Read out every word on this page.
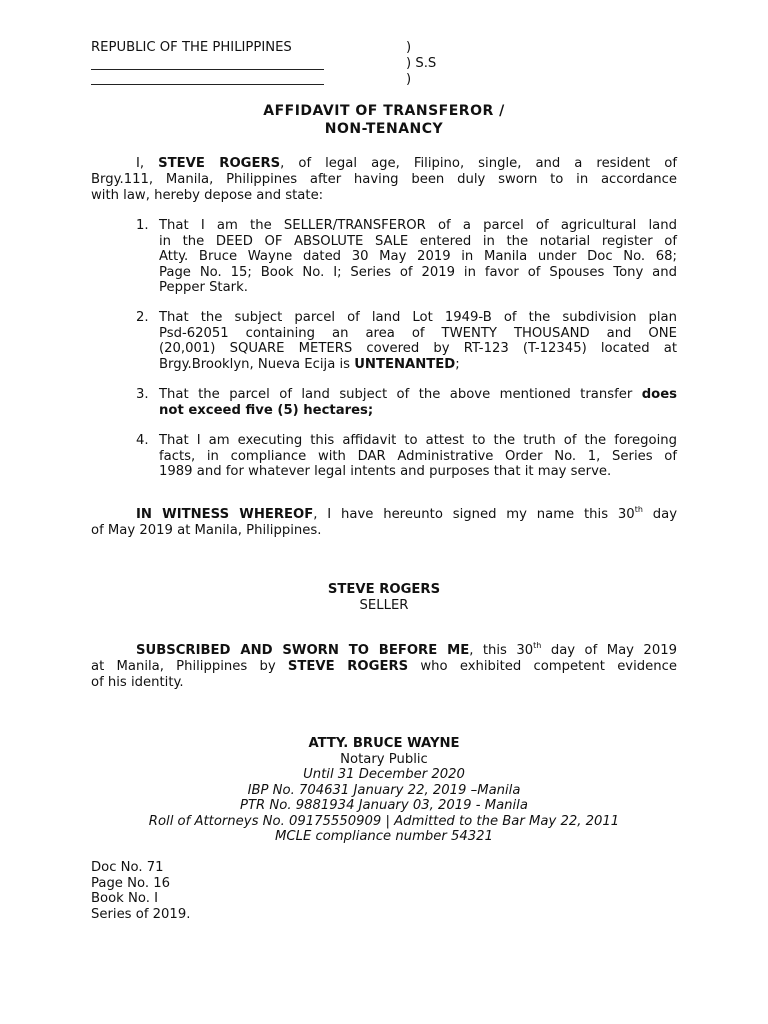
REPUBLIC OF THE PHILIPPINES	)
) S.S
)
AFFIDAVIT OF TRANSFEROR /
NON-TENANCY
I, STEVE ROGERS, of legal age, Filipino, single, and a resident of
Brgy.111, Manila, Philippines after having been duly sworn to in accordance
with law, hereby depose and state:
1. That I am the SELLER/TRANSFEROR of a parcel of agricultural land
in the DEED OF ABSOLUTE SALE entered in the notarial register of
Atty. Bruce Wayne dated 30 May 2019 in Manila under Doc No. 68;
Page No. 15; Book No. I; Series of 2019 in favor of Spouses Tony and
Pepper Stark.
2. That the subject parcel of land Lot 1949-B of the subdivision plan
Psd-62051 containing an area of TWENTY THOUSAND and ONE
(20,001) SQUARE METERS covered by RT-123 (T-12345) located at
Brgy.Brooklyn, Nueva Ecija is UNTENANTED;
3. That the parcel of land subject of the above mentioned transfer does
not exceed five (5) hectares;
4. That I am executing this affidavit to attest to the truth of the foregoing
facts, in compliance with DAR Administrative Order No. 1, Series of
1989 and for whatever legal intents and purposes that it may serve.
IN WITNESS WHEREOF, I have hereunto signed my name this 30th day
of May 2019 at Manila, Philippines.
STEVE ROGERS
SELLER
SUBSCRIBED AND SWORN TO BEFORE ME, this 30th day of May 2019
at Manila, Philippines by STEVE ROGERS who exhibited competent evidence
of his identity.
ATTY. BRUCE WAYNE
Notary Public
Until 31 December 2020
IBP No. 704631 January 22, 2019 –Manila
PTR No. 9881934 January 03, 2019 - Manila
Roll of Attorneys No. 09175550909 | Admitted to the Bar May 22, 2011
MCLE compliance number 54321
Doc No. 71
Page No. 16
Book No. I
Series of 2019.
